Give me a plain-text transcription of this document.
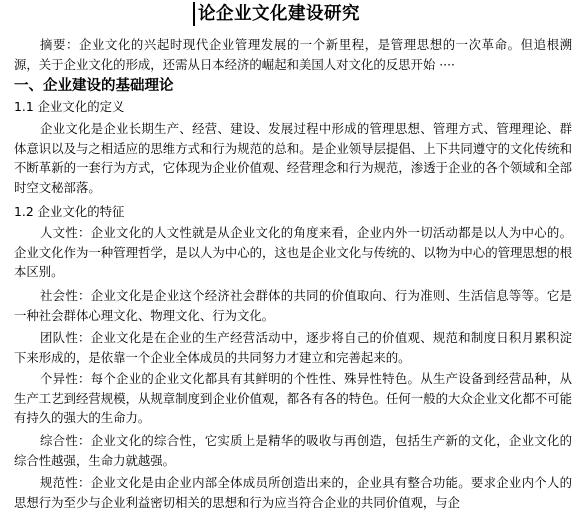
论企业文化建设研究
摘要：企业文化的兴起时现代企业管理发展的一个新里程，是管理思想的一次革命。但追根溯源，关于企业文化的形成，还需从日本经济的崛起和美国人对文化的反思开始 ····
一、企业建设的基础理论
1.1 企业文化的定义
企业文化是企业长期生产、经营、建设、发展过程中形成的管理思想、管理方式、管理理论、群体意识以及与之相适应的思维方式和行为规范的总和。是企业领导层提倡、上下共同遵守的文化传统和不断革新的一套行为方式，它体现为企业价值观、经营理念和行为规范，渗透于企业的各个领域和全部时空文秘部落。
1.2 企业文化的特征
人文性：企业文化的人文性就是从企业文化的角度来看，企业内外一切活动都是以人为中心的。企业文化作为一种管理哲学，是以人为中心的，这也是企业文化与传统的、以物为中心的管理思想的根本区别。
社会性：企业文化是企业这个经济社会群体的共同的价值取向、行为准则、生活信息等等。它是一种社会群体心理文化、物理文化、行为文化。
团队性：企业文化是在企业的生产经营活动中，逐步将自己的价值观、规范和制度日积月累积淀下来形成的，是依靠一个企业全体成员的共同努力才建立和完善起来的。
个异性：每个企业的企业文化都具有其鲜明的个性性、殊异性特色。从生产设备到经营品种，从生产工艺到经营规模，从规章制度到企业价值观，都各有各的特色。任何一般的大众企业文化都不可能有持久的强大的生命力。
综合性：企业文化的综合性，它实质上是精华的吸收与再创造，包括生产新的文化，企业文化的综合性越强，生命力就越强。
规范性：企业文化是由企业内部全体成员所创造出来的，企业具有整合功能。要求企业内个人的思想行为至少与企业利益密切相关的思想和行为应当符合企业的共同价值观，与企
